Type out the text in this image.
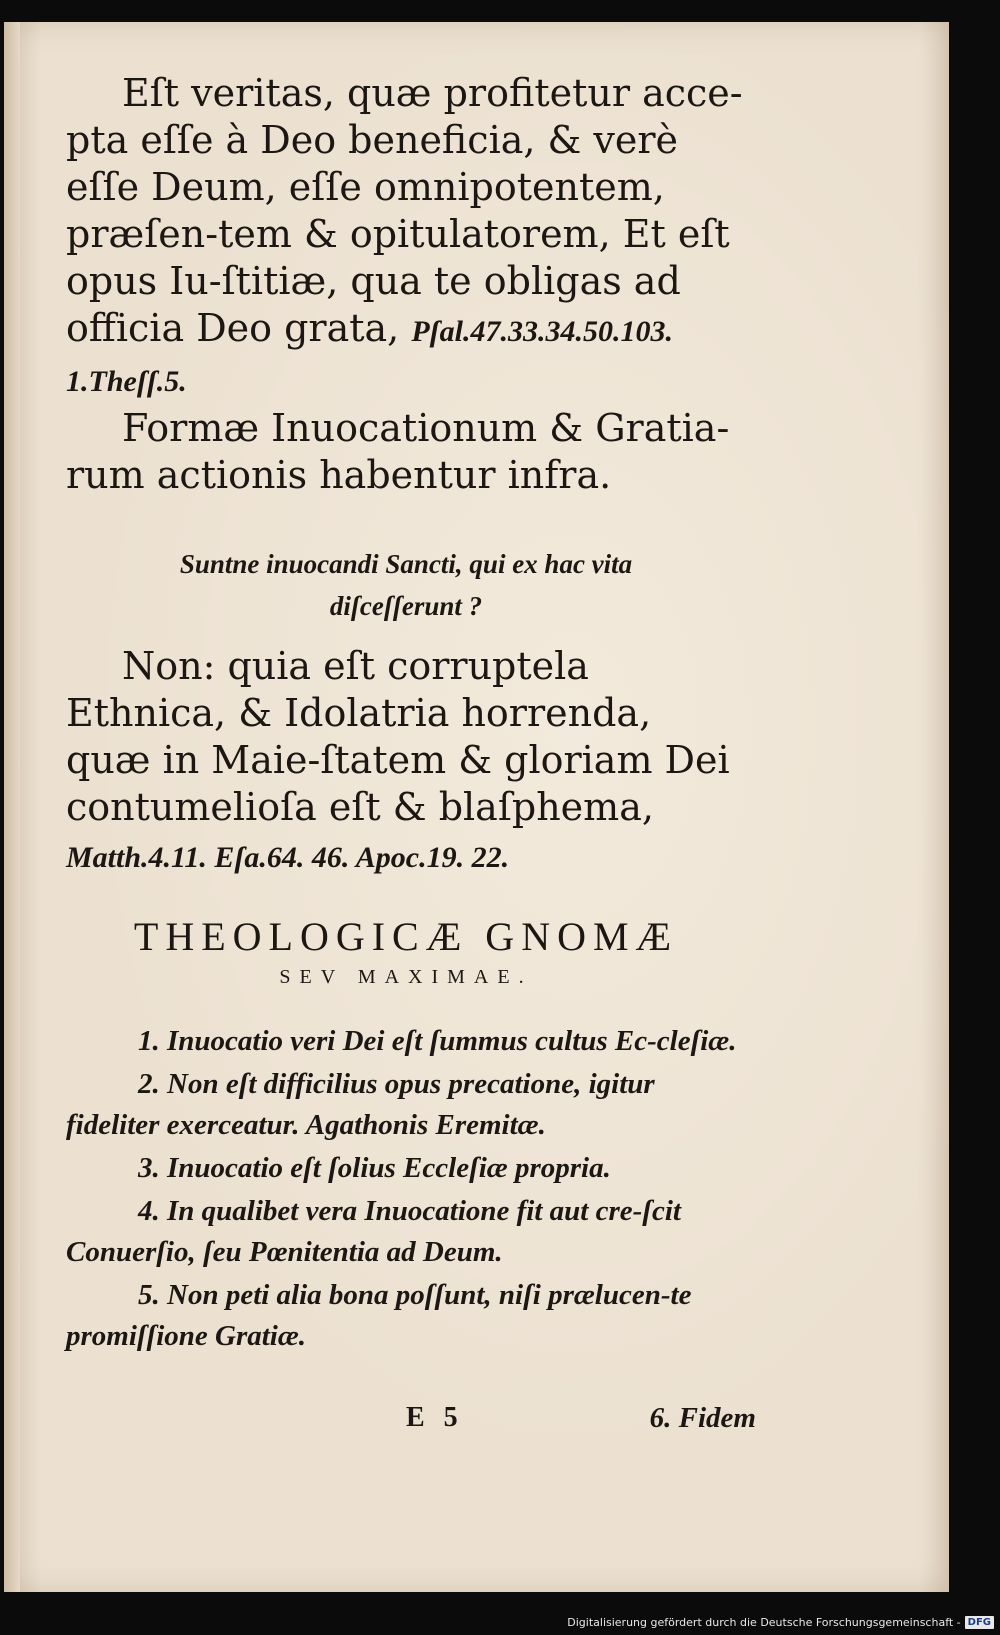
Eſt veritas, quæ profitetur acce-pta eſſe à Deo beneficia, & verè eſſe Deum, eſſe omnipotentem, præſen-tem & opitulatorem, Et eſt opus Iu-ſtitiæ, qua te obligas ad officia Deo grata, Pſal.47.33.34.50.103. 1.Theſſ.5.

Formæ Inuocationum & Gratia-rum actionis habentur infra.

Suntne inuocandi Sancti, qui ex hac vita
diſceſſerunt ?

Non: quia eſt corruptela Ethnica, & Idolatria horrenda, quæ in Maie-ſtatem & gloriam Dei contumelioſa eſt & blaſphema, Matth.4.11. Eſa.64. 46. Apoc.19. 22.

THEOLOGICÆ GNOMÆ
SEV MAXIMAE.

1. Inuocatio veri Dei eſt ſummus cultus Ec-cleſiæ.

2. Non eſt difficilius opus precatione, igitur fideliter exerceatur. Agathonis Eremitæ.

3. Inuocatio eſt ſolius Eccleſiæ propria.

4. In qualibet vera Inuocatione fit aut cre-ſcit Conuerſio, ſeu Pœnitentia ad Deum.

5. Non peti alia bona poſſunt, niſi prælucen-te promiſſione Gratiæ.

E 5	6. Fidem
Digitalisierung gefördert durch die Deutsche Forschungsgemeinschaft - DFG
